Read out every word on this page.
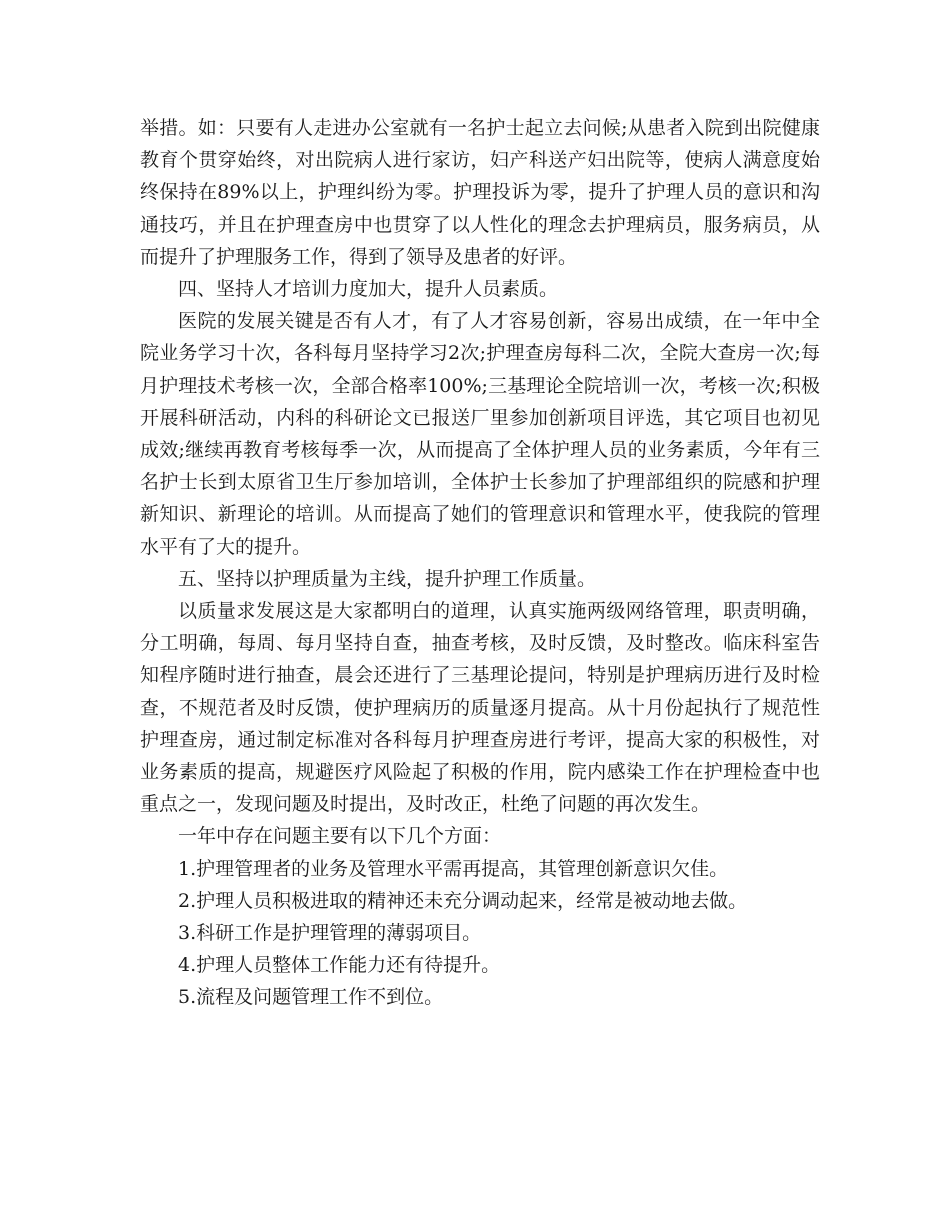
举措。如：只要有人走进办公室就有一名护士起立去问候;从患者入院到出院健康教育个贯穿始终，对出院病人进行家访，妇产科送产妇出院等，使病人满意度始终保持在89%以上，护理纠纷为零。护理投诉为零，提升了护理人员的意识和沟通技巧，并且在护理查房中也贯穿了以人性化的理念去护理病员，服务病员，从而提升了护理服务工作，得到了领导及患者的好评。

四、坚持人才培训力度加大，提升人员素质。

医院的发展关键是否有人才，有了人才容易创新，容易出成绩，在一年中全院业务学习十次，各科每月坚持学习2次;护理查房每科二次，全院大查房一次;每月护理技术考核一次，全部合格率100%;三基理论全院培训一次，考核一次;积极开展科研活动，内科的科研论文已报送厂里参加创新项目评选，其它项目也初见成效;继续再教育考核每季一次，从而提高了全体护理人员的业务素质，今年有三名护士长到太原省卫生厅参加培训，全体护士长参加了护理部组织的院感和护理新知识、新理论的培训。从而提高了她们的管理意识和管理水平，使我院的管理水平有了大的提升。

五、坚持以护理质量为主线，提升护理工作质量。

以质量求发展这是大家都明白的道理，认真实施两级网络管理，职责明确，分工明确，每周、每月坚持自查，抽查考核，及时反馈，及时整改。临床科室告知程序随时进行抽查，晨会还进行了三基理论提问，特别是护理病历进行及时检查，不规范者及时反馈，使护理病历的质量逐月提高。从十月份起执行了规范性护理查房，通过制定标准对各科每月护理查房进行考评，提高大家的积极性，对业务素质的提高，规避医疗风险起了积极的作用，院内感染工作在护理检查中也重点之一，发现问题及时提出，及时改正，杜绝了问题的再次发生。

一年中存在问题主要有以下几个方面：

1.护理管理者的业务及管理水平需再提高，其管理创新意识欠佳。

2.护理人员积极进取的精神还未充分调动起来，经常是被动地去做。

3.科研工作是护理管理的薄弱项目。

4.护理人员整体工作能力还有待提升。

5.流程及问题管理工作不到位。
